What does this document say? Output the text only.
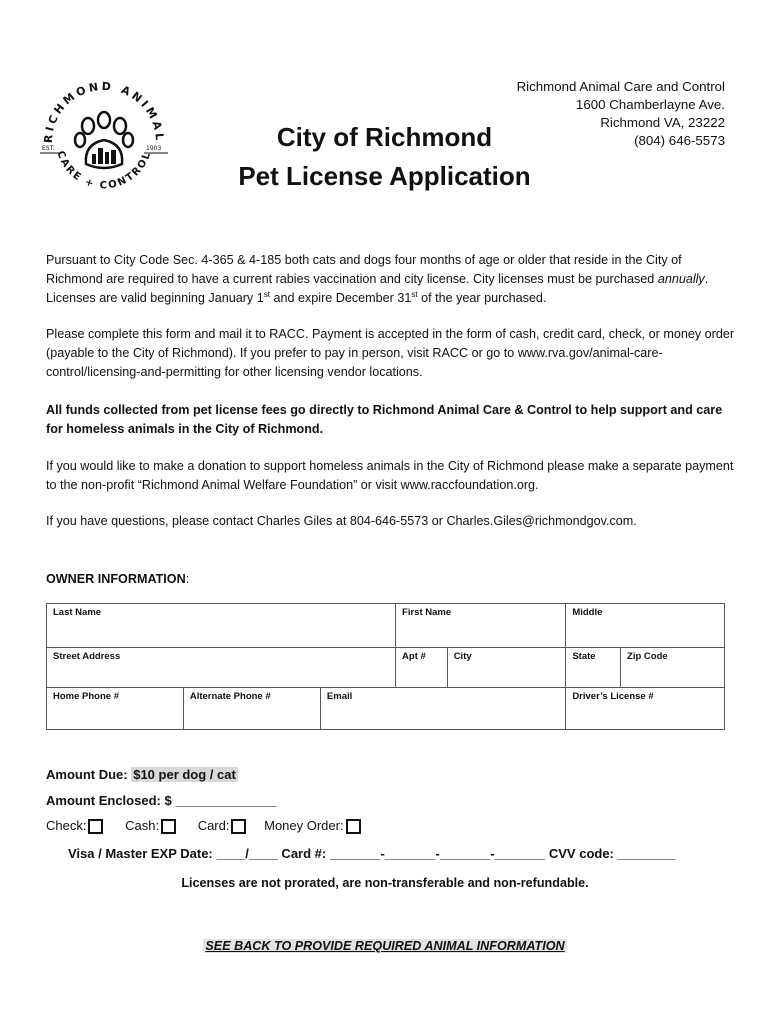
RICHMOND ANIMAL
CARE + CONTROL
EST.	1903	City of Richmond
Pet License Application
Richmond Animal Care and Control
1600 Chamberlayne Ave.
Richmond VA, 23222
(804) 646-5573
Pursuant to City Code Sec. 4-365 & 4-185 both cats and dogs four months of age or older that reside in the City of Richmond are required to have a current rabies vaccination and city license. City licenses must be purchased annually. Licenses are valid beginning January 1st and expire December 31st of the year purchased.
Please complete this form and mail it to RACC. Payment is accepted in the form of cash, credit card, check, or money order (payable to the City of Richmond). If you prefer to pay in person, visit RACC or go to www.rva.gov/animal-care-control/licensing-and-permitting for other licensing vendor locations.
All funds collected from pet license fees go directly to Richmond Animal Care & Control to help support and care for homeless animals in the City of Richmond.
If you would like to make a donation to support homeless animals in the City of Richmond please make a separate payment to the non-profit “Richmond Animal Welfare Foundation” or visit www.raccfoundation.org.
If you have questions, please contact Charles Giles at 804-646-5573 or Charles.Giles@richmondgov.com.
OWNER INFORMATION:
Last Name			First Name		Middle	
Street Address			Apt #	City	State	Zip Code
Home Phone #	Alternate Phone #	Email			Driver’s License #	
Amount Due: $10 per dog / cat
Amount Enclosed: $ ______________
Check:	Cash:	Card:	Money Order:
Visa / Master EXP Date: ____/____ Card #: _______-_______-_______-_______ CVV code: ________
Licenses are not prorated, are non-transferable and non-refundable.
SEE BACK TO PROVIDE REQUIRED ANIMAL INFORMATION
